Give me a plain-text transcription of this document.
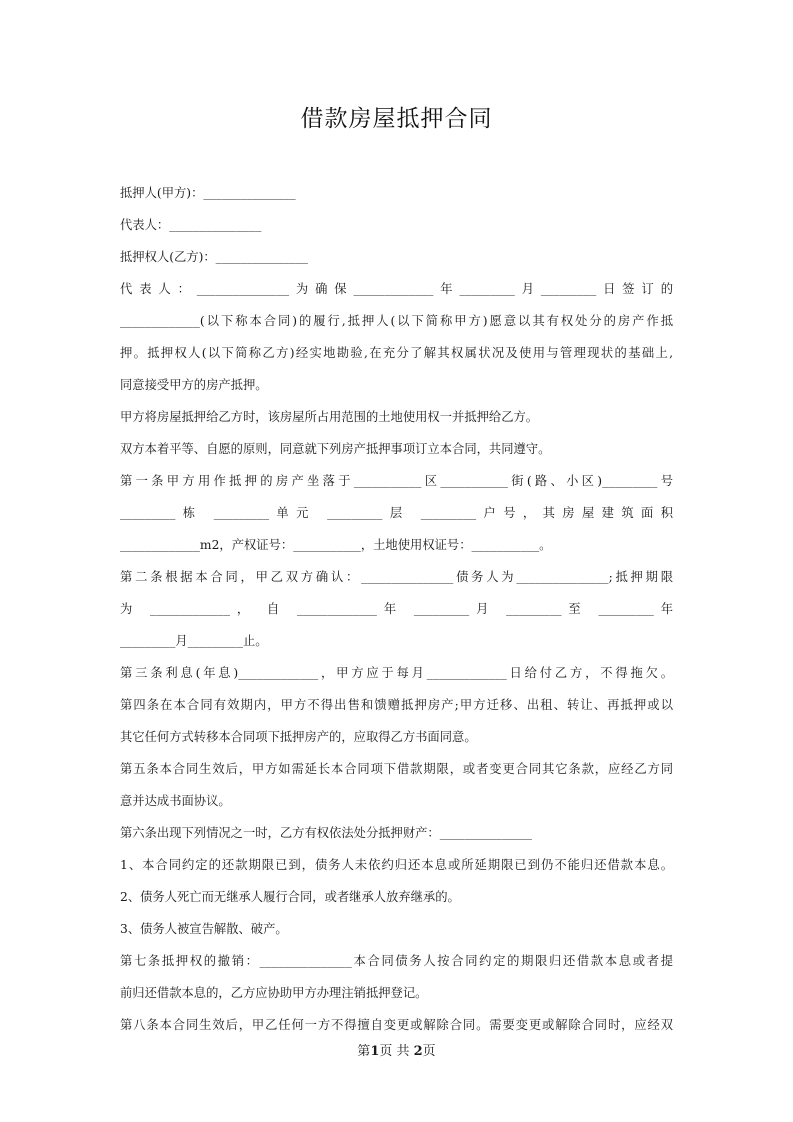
借款房屋抵押合同
抵押人(甲方)：_______________
代表人：_______________
抵押权人(乙方)：_______________
代表人：_______________为确保_____________年_________月_________日签订的
_____________(以下称本合同)的履行,抵押人(以下简称甲方)愿意以其有权处分的房产作抵
押。抵押权人(以下简称乙方)经实地勘验,在充分了解其权属状况及使用与管理现状的基础上,
同意接受甲方的房产抵押。
甲方将房屋抵押给乙方时，该房屋所占用范围的土地使用权一并抵押给乙方。
双方本着平等、自愿的原则，同意就下列房产抵押事项订立本合同，共同遵守。
第一条甲方用作抵押的房产坐落于___________区___________街(路、小区)_________号
_________栋 _________单元 _________层 _________户号，其房屋建筑面积
_____________m2，产权证号：___________，土地使用权证号：___________。
第二条根据本合同，甲乙双方确认：_______________债务人为_______________;抵押期限
为 _____________， 自 _____________年 _________月 _________至 _________年
_________月_________止。
第三条利息(年息)_____________，甲方应于每月_____________日给付乙方，不得拖欠。
第四条在本合同有效期内，甲方不得出售和馈赠抵押房产;甲方迁移、出租、转让、再抵押或以
其它任何方式转移本合同项下抵押房产的，应取得乙方书面同意。
第五条本合同生效后，甲方如需延长本合同项下借款期限，或者变更合同其它条款，应经乙方同
意并达成书面协议。
第六条出现下列情况之一时，乙方有权依法处分抵押财产：_______________
1、本合同约定的还款期限已到，债务人未依约归还本息或所延期限已到仍不能归还借款本息。
2、债务人死亡而无继承人履行合同，或者继承人放弃继承的。
3、债务人被宣告解散、破产。
第七条抵押权的撤销：_______________本合同债务人按合同约定的期限归还借款本息或者提
前归还借款本息的，乙方应协助甲方办理注销抵押登记。
第八条本合同生效后，甲乙任何一方不得擅自变更或解除合同。需要变更或解除合同时，应经双
第1页 共 2页
